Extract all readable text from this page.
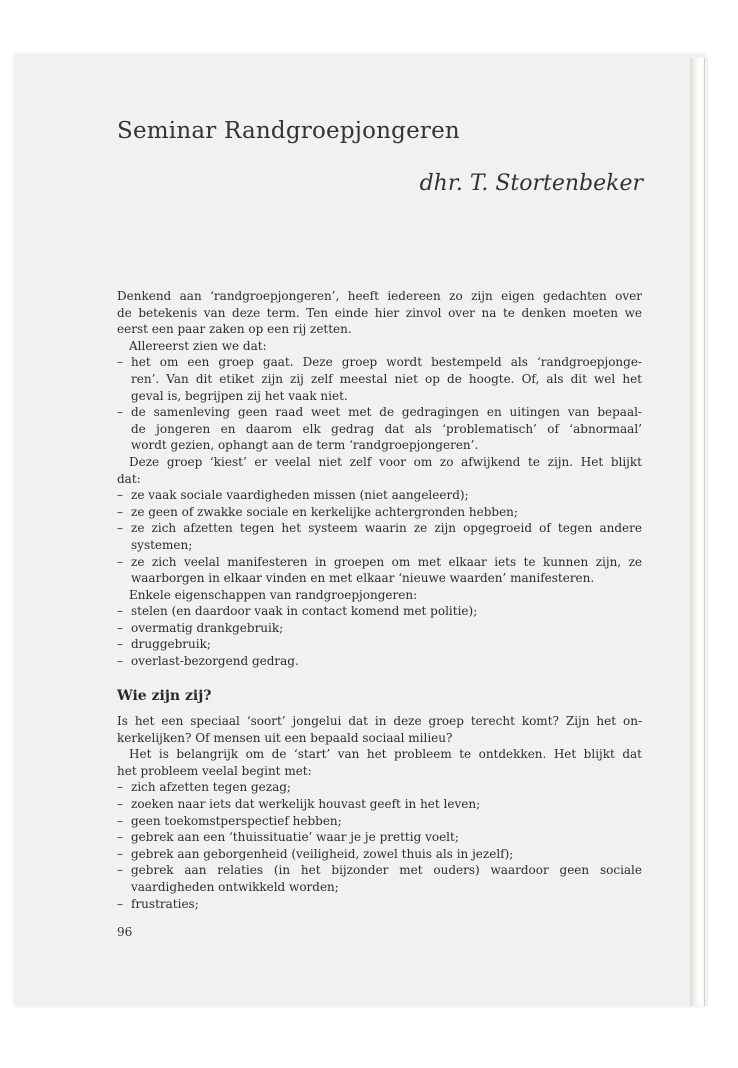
Seminar Randgroepjongeren
dhr. T. Stortenbeker
Denkend aan ‘randgroepjongeren’, heeft iedereen zo zijn eigen gedachten over
de betekenis van deze term. Ten einde hier zinvol over na te denken moeten we
eerst een paar zaken op een rij zetten.
Allereerst zien we dat:
– het om een groep gaat. Deze groep wordt bestempeld als ‘randgroepjonge-
ren’. Van dit etiket zijn zij zelf meestal niet op de hoogte. Of, als dit wel het
geval is, begrijpen zij het vaak niet.
– de samenleving geen raad weet met de gedragingen en uitingen van bepaal-
de jongeren en daarom elk gedrag dat als ‘problematisch’ of ‘abnormaal’
wordt gezien, ophangt aan de term ‘randgroepjongeren’.
Deze groep ‘kiest’ er veelal niet zelf voor om zo afwijkend te zijn. Het blijkt
dat:
– ze vaak sociale vaardigheden missen (niet aangeleerd);
– ze geen of zwakke sociale en kerkelijke achtergronden hebben;
– ze zich afzetten tegen het systeem waarin ze zijn opgegroeid of tegen andere
systemen;
– ze zich veelal manifesteren in groepen om met elkaar iets te kunnen zijn, ze
waarborgen in elkaar vinden en met elkaar ‘nieuwe waarden’ manifesteren.
Enkele eigenschappen van randgroepjongeren:
– stelen (en daardoor vaak in contact komend met politie);
– overmatig drankgebruik;
– druggebruik;
– overlast-bezorgend gedrag.
Wie zijn zij?
Is het een speciaal ‘soort’ jongelui dat in deze groep terecht komt? Zijn het on-
kerkelijken? Of mensen uit een bepaald sociaal milieu?
Het is belangrijk om de ‘start’ van het probleem te ontdekken. Het blijkt dat
het probleem veelal begint met:
– zich afzetten tegen gezag;
– zoeken naar iets dat werkelijk houvast geeft in het leven;
– geen toekomstperspectief hebben;
– gebrek aan een ‘thuissituatie’ waar je je prettig voelt;
– gebrek aan geborgenheid (veiligheid, zowel thuis als in jezelf);
– gebrek aan relaties (in het bijzonder met ouders) waardoor geen sociale
vaardigheden ontwikkeld worden;
– frustraties;
96
